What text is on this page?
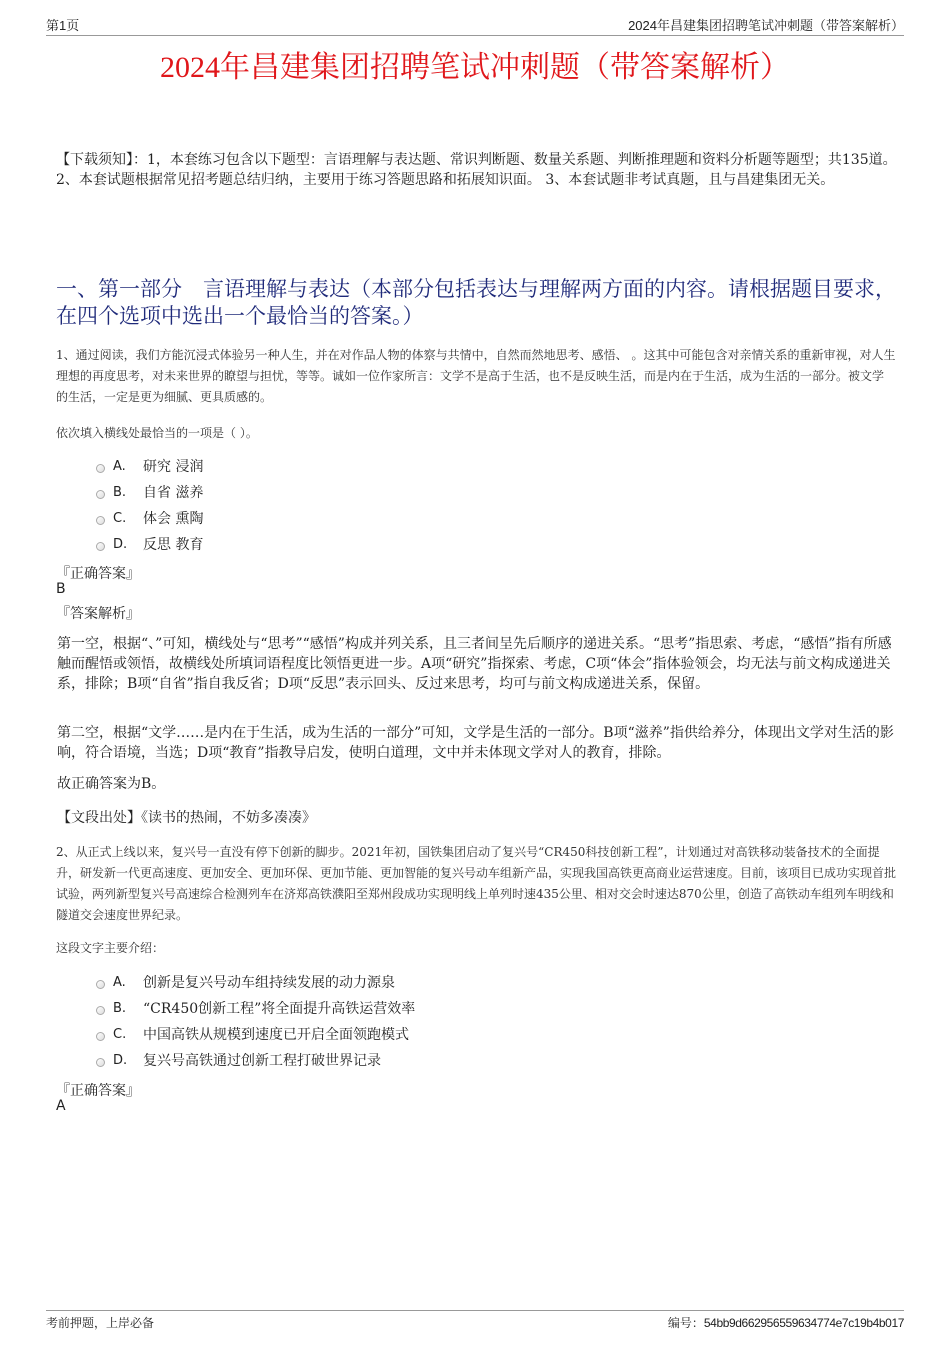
第1页	2024年昌建集团招聘笔试冲刺题（带答案解析）
2024年昌建集团招聘笔试冲刺题（带答案解析）
【下载须知】：1，本套练习包含以下题型：言语理解与表达题、常识判断题、数量关系题、判断推理题和资料分析题等题型；共135道。 2、本套试题根据常见招考题总结归纳，主要用于练习答题思路和拓展知识面。 3、本套试题非考试真题，且与昌建集团无关。
一、第一部分　言语理解与表达（本部分包括表达与理解两方面的内容。请根据题目要求，在四个选项中选出一个最恰当的答案。）
1、通过阅读，我们方能沉浸式体验另一种人生，并在对作品人物的体察与共情中，自然而然地思考、感悟、 。这其中可能包含对亲情关系的重新审视，对人生理想的再度思考，对未来世界的瞭望与担忧，等等。诚如一位作家所言：文学不是高于生活，也不是反映生活，而是内在于生活，成为生活的一部分。被文学 的生活，一定是更为细腻、更具质感的。
依次填入横线处最恰当的一项是（ ）。
A.	研究 浸润
B.	自省 滋养
C.	体会 熏陶
D.	反思 教育
『正确答案』
B
『答案解析』
第一空，根据“、”可知，横线处与“思考”“感悟”构成并列关系，且三者间呈先后顺序的递进关系。“思考”指思索、考虑，“感悟”指有所感触而醒悟或领悟，故横线处所填词语程度比领悟更进一步。A项“研究”指探索、考虑，C项“体会”指体验领会，均无法与前文构成递进关系，排除；B项“自省”指自我反省；D项“反思”表示回头、反过来思考，均可与前文构成递进关系，保留。
第二空，根据“文学……是内在于生活，成为生活的一部分”可知，文学是生活的一部分。B项“滋养”指供给养分，体现出文学对生活的影响，符合语境，当选；D项“教育”指教导启发，使明白道理，文中并未体现文学对人的教育，排除。
故正确答案为B。
【文段出处】《读书的热闹，不妨多凑凑》
2、从正式上线以来，复兴号一直没有停下创新的脚步。2021年初，国铁集团启动了复兴号“CR450科技创新工程”，计划通过对高铁移动装备技术的全面提升，研发新一代更高速度、更加安全、更加环保、更加节能、更加智能的复兴号动车组新产品，实现我国高铁更高商业运营速度。目前，该项目已成功实现首批试验，两列新型复兴号高速综合检测列车在济郑高铁濮阳至郑州段成功实现明线上单列时速435公里、相对交会时速达870公里，创造了高铁动车组列车明线和隧道交会速度世界纪录。
这段文字主要介绍：
A.	创新是复兴号动车组持续发展的动力源泉
B.	“CR450创新工程”将全面提升高铁运营效率
C.	中国高铁从规模到速度已开启全面领跑模式
D.	复兴号高铁通过创新工程打破世界记录
『正确答案』
A
考前押题，上岸必备	编号：54bb9d662956559634774e7c19b4b017
